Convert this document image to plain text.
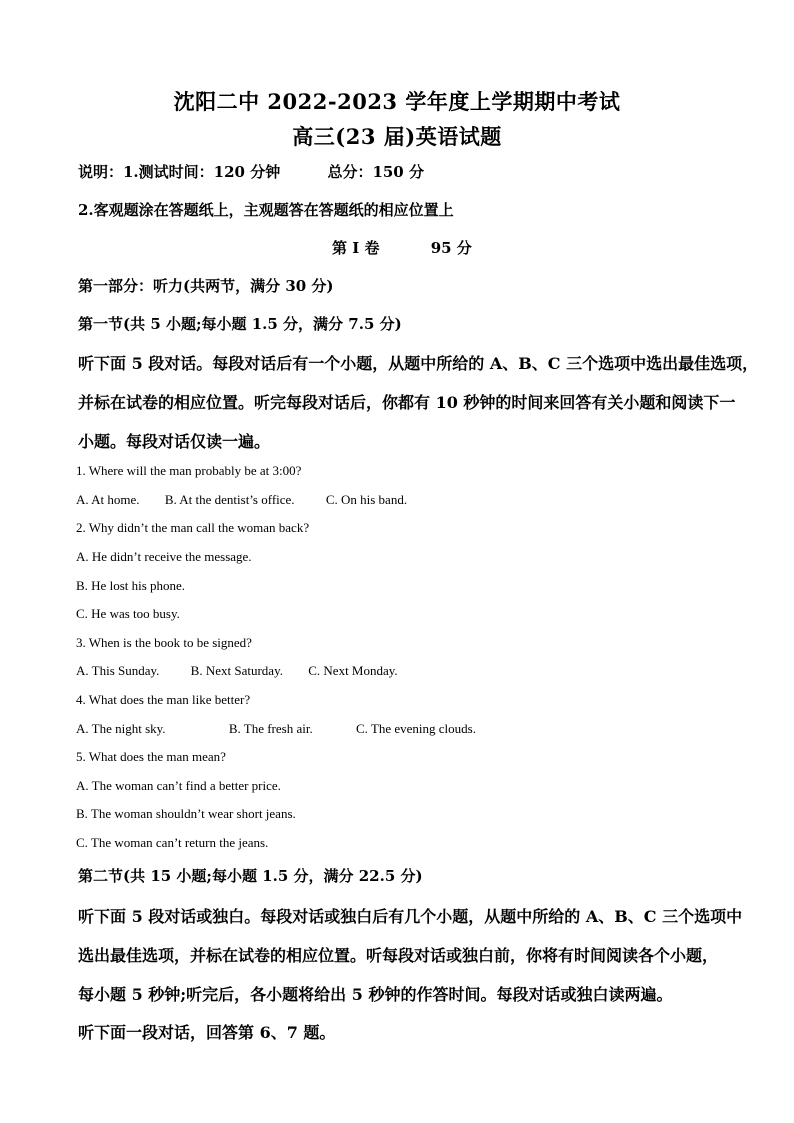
沈阳二中 2022-2023 学年度上学期期中考试
高三(23 届)英语试题
说明：1.测试时间：120 分钟	总分：150 分
2.客观题涂在答题纸上，主观题答在答题纸的相应位置上
第 I 卷	95 分
第一部分：听力(共两节，满分 30 分)
第一节(共 5 小题;每小题 1.5 分，满分 7.5 分)
听下面 5 段对话。每段对话后有一个小题，从题中所给的 A、B、C 三个选项中选出最佳选项，
并标在试卷的相应位置。听完每段对话后，你都有 10 秒钟的时间来回答有关小题和阅读下一
小题。每段对话仅读一遍。
1. Where will the man probably be at 3:00?
A. At home. B. At the dentist’s office. C. On his band.
2. Why didn’t the man call the woman back?
A. He didn’t receive the message.
B. He lost his phone.
C. He was too busy.
3. When is the book to be signed?
A. This Sunday. B. Next Saturday. C. Next Monday.
4. What does the man like better?
A. The night sky.	B. The fresh air.	C. The evening clouds.
5. What does the man mean?
A. The woman can’t find a better price.
B. The woman shouldn’t wear short jeans.
C. The woman can’t return the jeans.
第二节(共 15 小题;每小题 1.5 分，满分 22.5 分)
听下面 5 段对话或独白。每段对话或独白后有几个小题，从题中所给的 A、B、C 三个选项中
选出最佳选项，并标在试卷的相应位置。听每段对话或独白前，你将有时间阅读各个小题，
每小题 5 秒钟;听完后，各小题将给出 5 秒钟的作答时间。每段对话或独白读两遍。
听下面一段对话，回答第 6、7 题。
